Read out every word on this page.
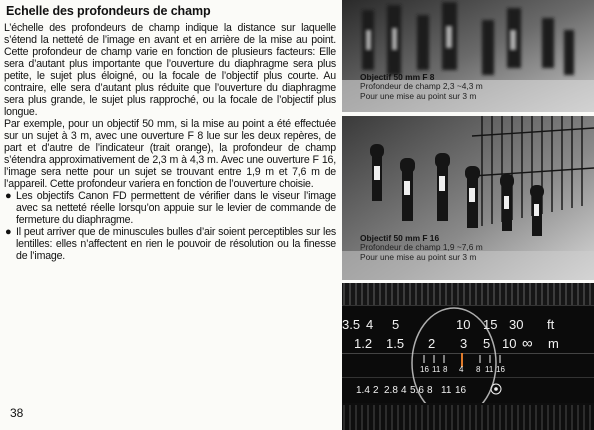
Echelle des profondeurs de champ

L’échelle des profondeurs de champ indique la distance sur laquelle s’étend la netteté de l’image en avant et en arrière de la mise au point. Cette profondeur de champ varie en fonction de plusieurs facteurs: Elle sera d’autant plus importante que l’ouverture du diaphragme sera plus petite, le sujet plus éloigné, ou la focale de l’objectif plus courte. Au contraire, elle sera d’autant plus réduite que l’ouverture du diaphragme sera plus grande, le sujet plus rapproché, ou la focale de l’objectif plus longue.

Par exemple, pour un objectif 50 mm, si la mise au point a été effectuée sur un sujet à 3 m, avec une ouverture F 8 lue sur les deux repères, de part et d’autre de l’indicateur (trait orange), la profondeur de champ s’étendra approximativement de 2,3 m à 4,3 m. Avec une ouverture F 16, l’image sera nette pour un sujet se trouvant entre 1,9 m et 7,6 m de l’appareil. Cette profondeur variera en fonction de l’ouverture choisie.

● Les objectifs Canon FD permettent de vérifier dans le viseur l’image avec sa netteté réelle lorsqu’on appuie sur le levier de commande de fermeture du diaphragme.

● Il peut arriver que de minuscules bulles d’air soient perceptibles sur les lentilles: elles n’affectent en rien le pouvoir de résolution ou la finesse de l’image.

38
Objectif 50 mm F 8
Profondeur de champ 2,3 ~4,3 m
Pour une mise au point sur 3 m
Objectif 50 mm F 16
Profondeur de champ 1,9 ~7,6 m
Pour une mise au point sur 3 m
3.5 4 5	10 15 30 ft
1.2 1.5 2 3 5 10 ∞ m
16 11 8 4 8 11 16
1.4 2 2.8 4 5.6 8 11 16
